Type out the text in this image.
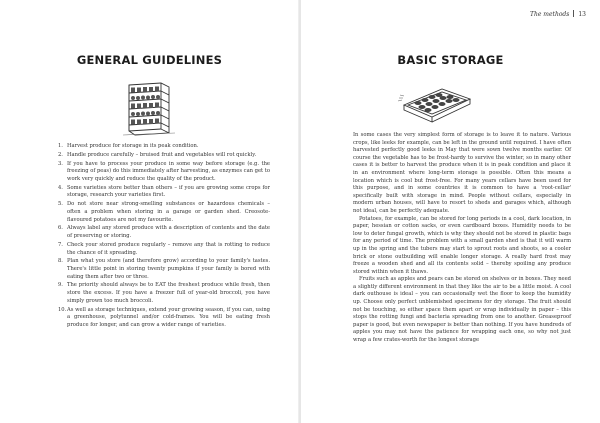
GENERAL GUIDELINES
1. Harvest produce for storage in its peak condition.
2. Handle produce carefully – bruised fruit and vegetables will rot quickly.
3. If you have to process your produce in some way before storage (e.g. the freezing of peas) do this immediately after harvesting, as enzymes can get to work very quickly and reduce the quality of the product.
4. Some varieties store better than others – if you are growing some crops for storage, research your varieties first.
5. Do not store near strong-smelling substances or hazardous chemicals – often a problem when storing in a garage or garden shed. Creosote-flavoured potatoes are not my favourite.
6. Always label any stored produce with a description of contents and the date of preserving or storing.
7. Check your stored produce regularly – remove any that is rotting to reduce the chance of it spreading.
8. Plan what you store (and therefore grow) according to your family's tastes. There's little point in storing twenty pumpkins if your family is bored with eating them after two or three.
9. The priority should always be to EAT the freshest produce while fresh, then store the excess. If you have a freezer full of year-old broccoli, you have simply grown too much broccoli.
10. As well as storage techniques, extend your growing season, if you can, using a greenhouse, polytunnel and/or cold-frames. You will be eating fresh produce for longer, and can grow a wider range of varieties.
The methods 13
BASIC STORAGE

In some cases the very simplest form of storage is to leave it to nature. Various crops, like leeks for example, can be left in the ground until required. I have often harvested perfectly good leeks in May that were sown twelve months earlier. Of course the vegetable has to be frost-hardy to survive the winter, so in many other cases it is better to harvest the produce when it is in peak condition and place it in an environment where long-term storage is possible. Often this means a location which is cool but frost-free. For many years cellars have been used for this purpose, and in some countries it is common to have a 'root-cellar' specifically built with storage in mind. People without cellars, especially in modern urban houses, will have to resort to sheds and garages which, although not ideal, can be perfectly adequate.

Potatoes, for example, can be stored for long periods in a cool, dark location, in paper, hessian or cotton sacks, or even cardboard boxes. Humidity needs to be low to deter fungal growth, which is why they should not be stored in plastic bags for any period of time. The problem with a small garden shed is that it will warm up in the spring and the tubers may start to sprout roots and shoots, so a cooler brick or stone outbuilding will enable longer storage. A really hard frost may freeze a wooden shed and all its contents solid – thereby spoiling any produce stored within when it thaws.

Fruits such as apples and pears can be stored on shelves or in boxes. They need a slightly different environment in that they like the air to be a little moist. A cool dark outhouse is ideal – you can occasionally wet the floor to keep the humidity up. Choose only perfect unblemished specimens for dry storage. The fruit should not be touching, so either space them apart or wrap individually in paper – this stops the rotting fungi and bacteria spreading from one to another. Greaseproof paper is good, but even newspaper is better than nothing. If you have hundreds of apples you may not have the patience for wrapping each one, so why not just wrap a few crates-worth for the longest storage
